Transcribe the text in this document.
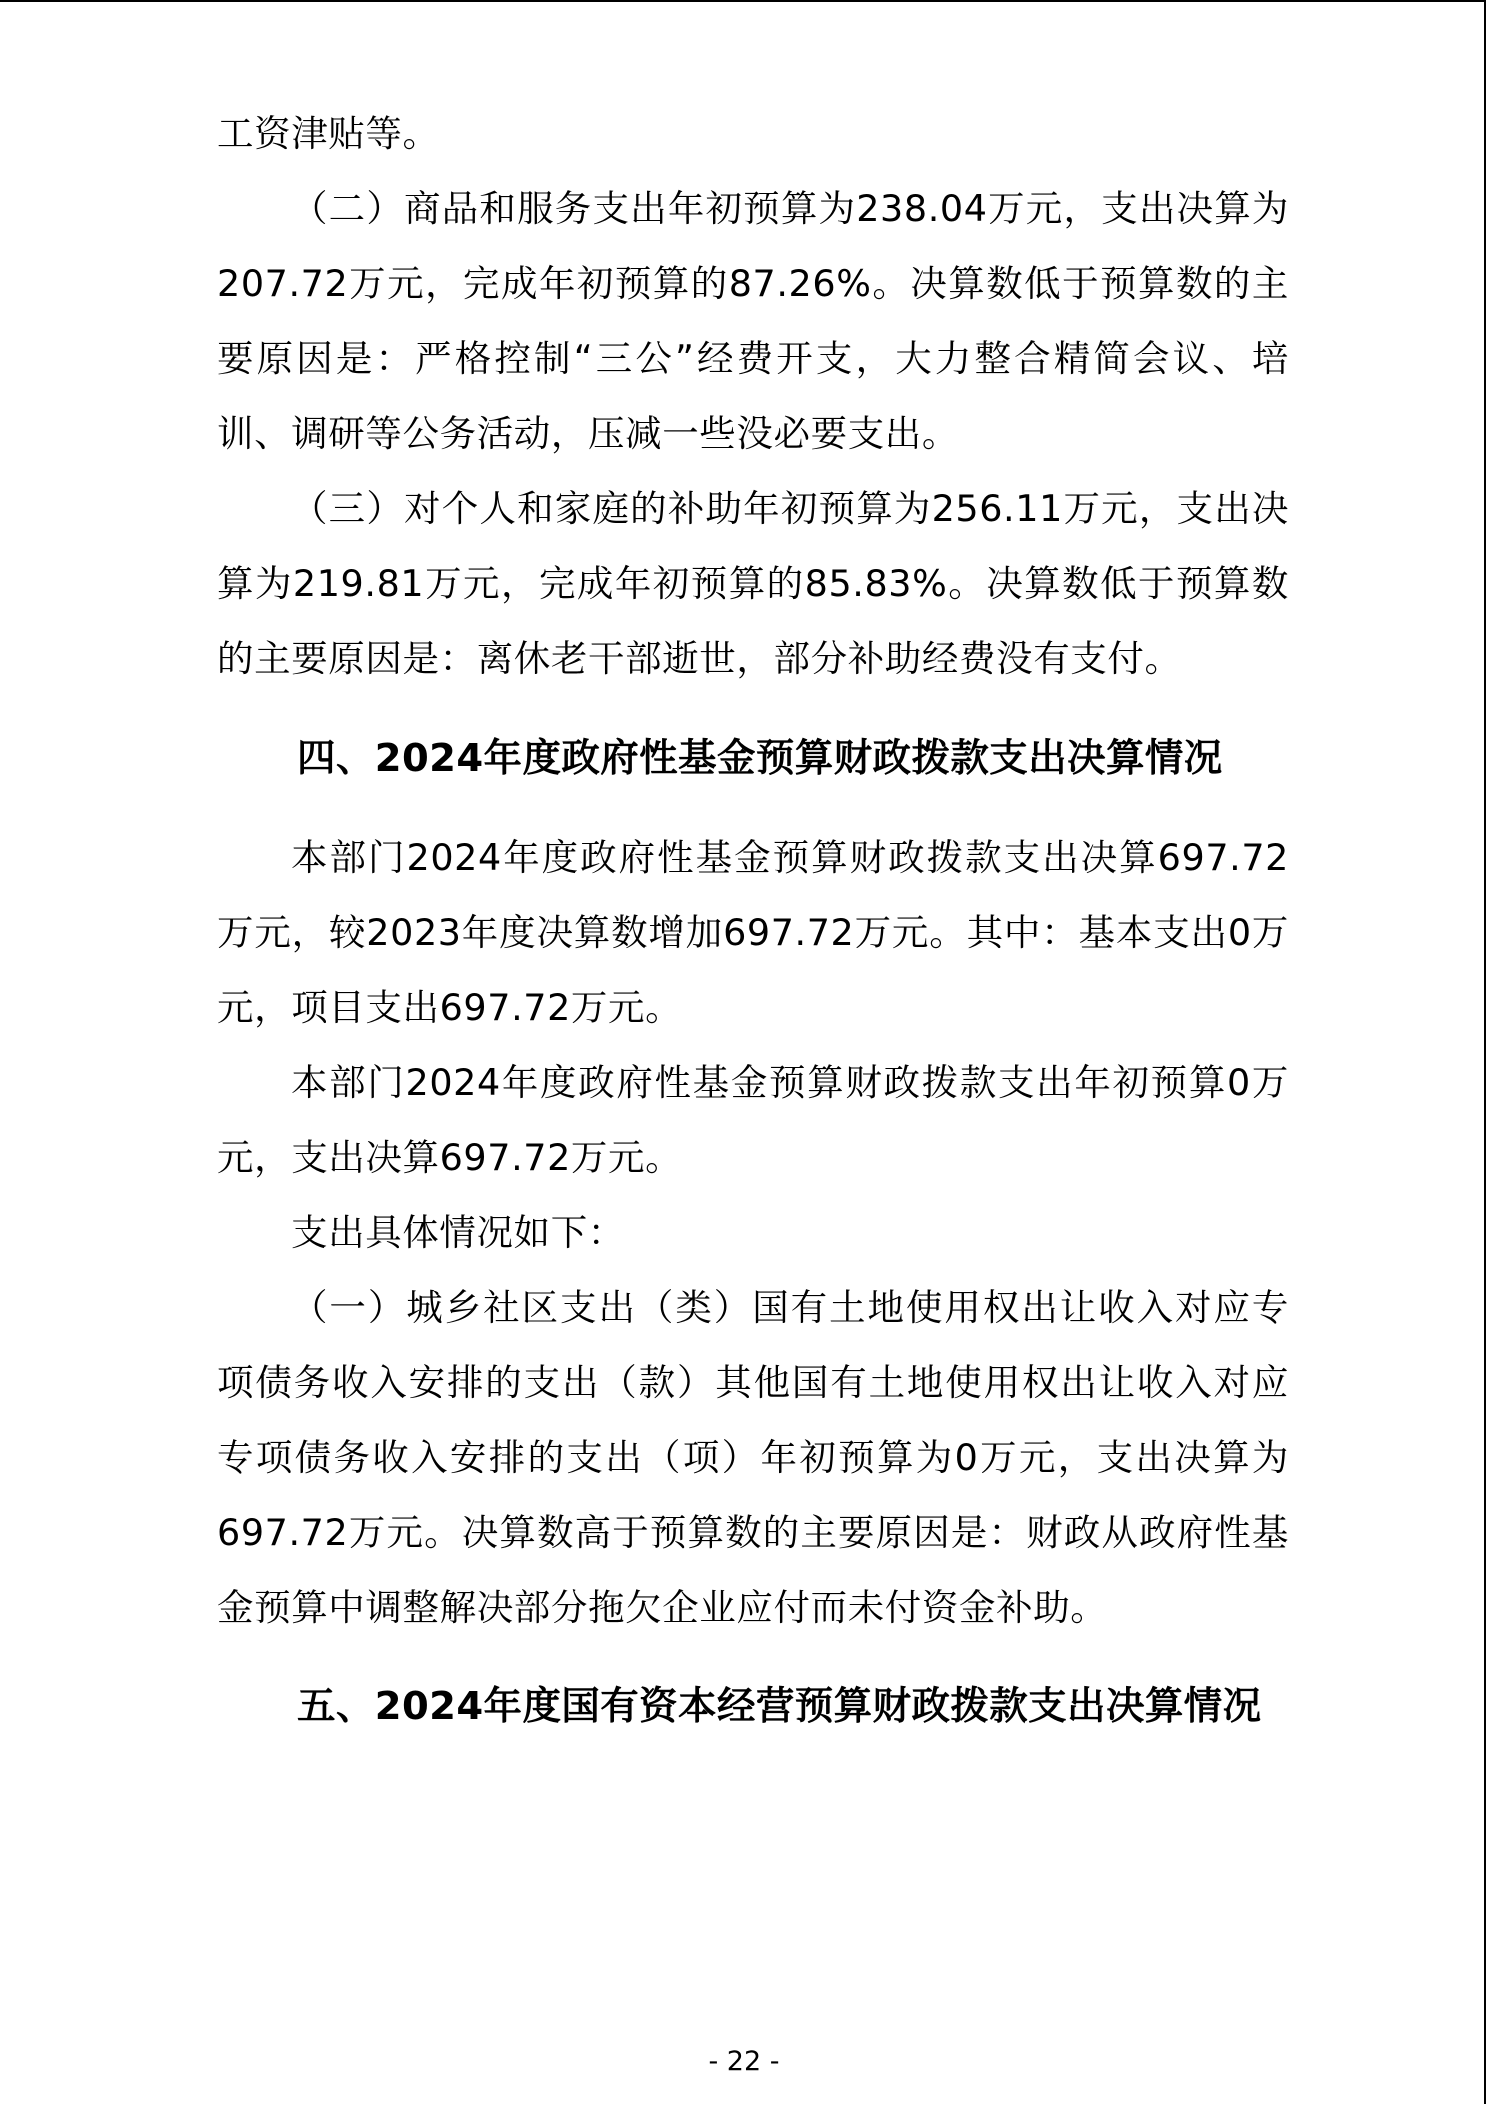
工资津贴等。

（二）商品和服务支出年初预算为238.04万元，支出决算为207.72万元，完成年初预算的87.26%。决算数低于预算数的主要原因是：严格控制“三公”经费开支，大力整合精简会议、培训、调研等公务活动，压减一些没必要支出。

（三）对个人和家庭的补助年初预算为256.11万元，支出决算为219.81万元，完成年初预算的85.83%。决算数低于预算数的主要原因是：离休老干部逝世，部分补助经费没有支付。

四、2024年度政府性基金预算财政拨款支出决算情况

本部门2024年度政府性基金预算财政拨款支出决算697.72万元，较2023年度决算数增加697.72万元。其中：基本支出0万元，项目支出697.72万元。

本部门2024年度政府性基金预算财政拨款支出年初预算0万元，支出决算697.72万元。

支出具体情况如下：

（一）城乡社区支出（类）国有土地使用权出让收入对应专项债务收入安排的支出（款）其他国有土地使用权出让收入对应专项债务收入安排的支出（项）年初预算为0万元，支出决算为697.72万元。决算数高于预算数的主要原因是：财政从政府性基金预算中调整解决部分拖欠企业应付而未付资金补助。

五、2024年度国有资本经营预算财政拨款支出决算情况
- 22 -
